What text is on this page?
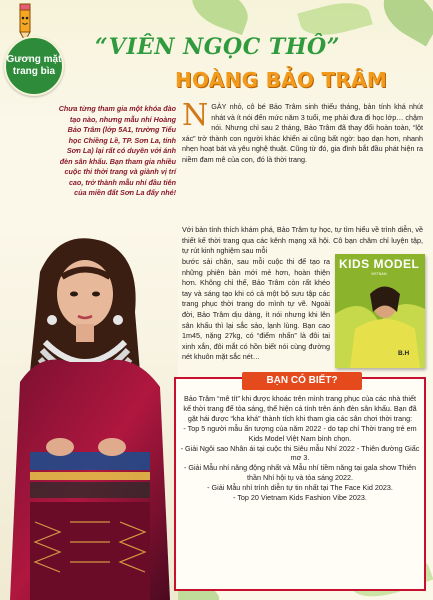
Gương mặt trang bìa
“VIÊN NGỌC THÔ”
HOÀNG BẢO TRÂM
Chưa từng tham gia một khóa đào tạo nào, nhưng mẫu nhí Hoàng Bảo Trâm (lớp 5A1, trường Tiểu học Chiềng Lề, TP. Sơn La, tỉnh Sơn La) lại rất có duyên với ánh đèn sân khấu. Bạn tham gia nhiều cuộc thi thời trang và giành vị trí cao, trở thành mẫu nhí đầu tiên của miền đất Sơn La đấy nhé!
N GÀY nhỏ, cô bé Bảo Trâm sinh thiếu tháng, bản tính khá nhút nhát và ít nói đến mức năm 3 tuổi, mẹ phải đưa đi học lớp… chậm nói. Nhưng chỉ sau 2 tháng, Bảo Trâm đã thay đổi hoàn toàn, “lột xác” trở thành con người khác khiến ai cũng bất ngờ: bạo dạn hơn, nhanh nhẹn hoạt bát và yêu nghệ thuật. Cũng từ đó, gia đình bắt đầu phát hiện ra niềm đam mê của con, đó là thời trang.
Với bản tính thích khám phá, Bảo Trâm tự học, tự tìm hiểu về trình diễn, về thiết kế thời trang qua các kênh mạng xã hội. Cô bạn chăm chỉ luyện tập, tự rút kinh nghiệm sau mỗi
bước sải chân, sau mỗi cuộc thi để tạo ra những phiên bản mới mẻ hơn, hoàn thiện hơn. Không chỉ thế, Bảo Trâm còn rất khéo tay và sáng tạo khi có cả một bộ sưu tập các trang phục thời trang do mình tự vẽ. Ngoài đời, Bảo Trâm dịu dàng, ít nói nhưng khi lên sân khấu thì lại sắc sảo, lạnh lùng. Bạn cao 1m45, nặng 27kg, có “điểm nhấn” là đôi tai xinh xắn, đôi mắt có hồn biết nói cùng đường nét khuôn mặt sắc nét…
KIDS MODEL
VIETNAM
B.H
BẠN CÓ BIẾT?

Bảo Trâm “mê tít” khi được khoác trên mình trang phục của các nhà thiết kế thời trang để tỏa sáng, thể hiện cá tính trên ánh đèn sân khấu. Bạn đã gặt hái được “kha khá” thành tích khi tham gia các sân chơi thời trang:

- Top 5 người mẫu ấn tượng của năm 2022 - do tạp chí Thời trang trẻ em Kids Model Việt Nam bình chọn.

- Giải Ngôi sao Nhân ái tại cuộc thi Siêu mẫu Nhí 2022 - Thiên đường Giấc mơ 3.

- Giải Mẫu nhí năng động nhất và Mẫu nhí tiềm năng tại gala show Thiên thần Nhí hội tụ và tỏa sáng 2022.

- Giải Mẫu nhí trình diễn tự tin nhất tại The Face Kid 2023.

- Top 20 Vietnam Kids Fashion Vibe 2023.
